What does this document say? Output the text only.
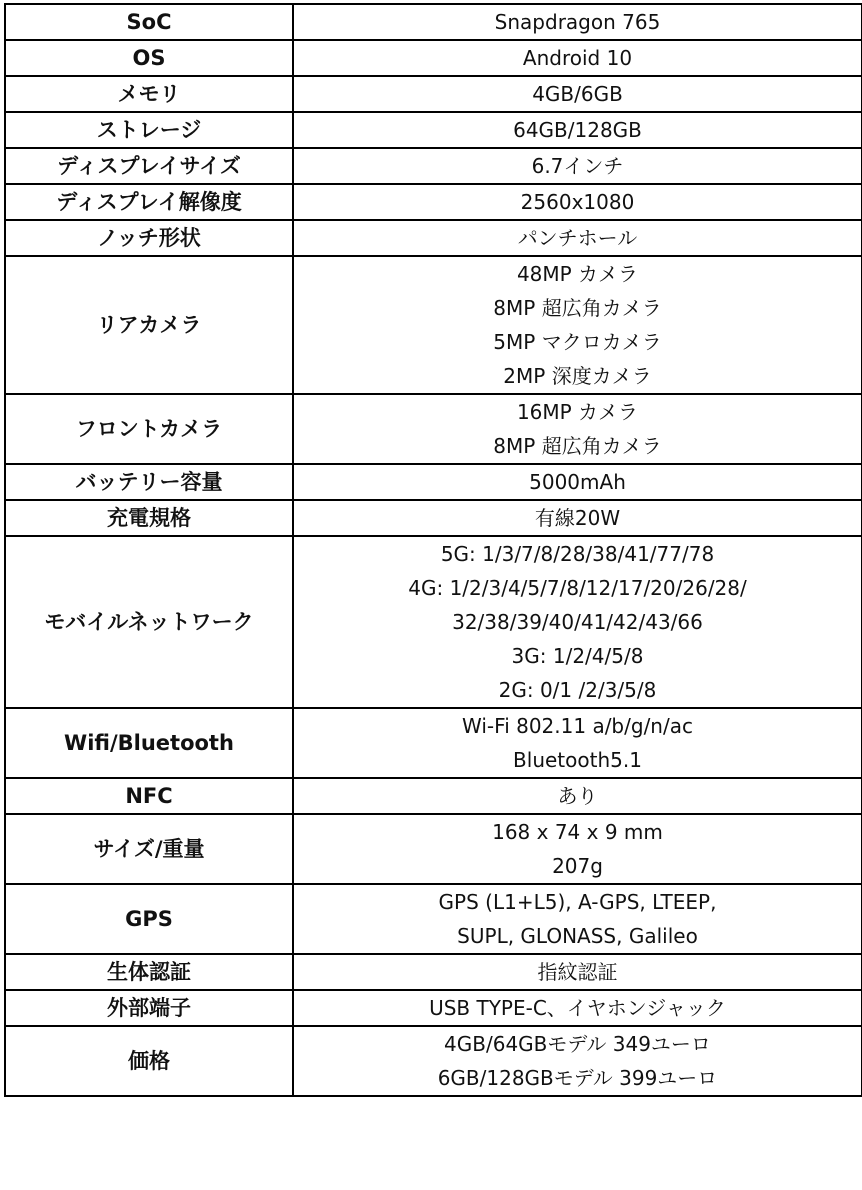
SoC	Snapdragon 765

OS	Android 10

メモリ	4GB/6GB

ストレージ	64GB/128GB

ディスプレイサイズ	6.7インチ

ディスプレイ解像度	2560x1080

ノッチ形状	パンチホール

リアカメラ	48MP カメラ
8MP 超広角カメラ
5MP マクロカメラ
2MP 深度カメラ

フロントカメラ	16MP カメラ
8MP 超広角カメラ

バッテリー容量	5000mAh

充電規格	有線20W

モバイルネットワーク	5G: 1/3/7/8/28/38/41/77/78
4G: 1/2/3/4/5/7/8/12/17/20/26/28/
32/38/39/40/41/42/43/66
3G: 1/2/4/5/8
2G: 0/1 /2/3/5/8

Wifi/Bluetooth	Wi-Fi 802.11 a/b/g/n/ac
Bluetooth5.1

NFC	あり

サイズ/重量	168 x 74 x 9 mm
207g

GPS	GPS (L1+L5), A-GPS, LTEEP,
SUPL, GLONASS, Galileo

生体認証	指紋認証

外部端子	USB TYPE-C、イヤホンジャック

価格	4GB/64GBモデル 349ユーロ
6GB/128GBモデル 399ユーロ
